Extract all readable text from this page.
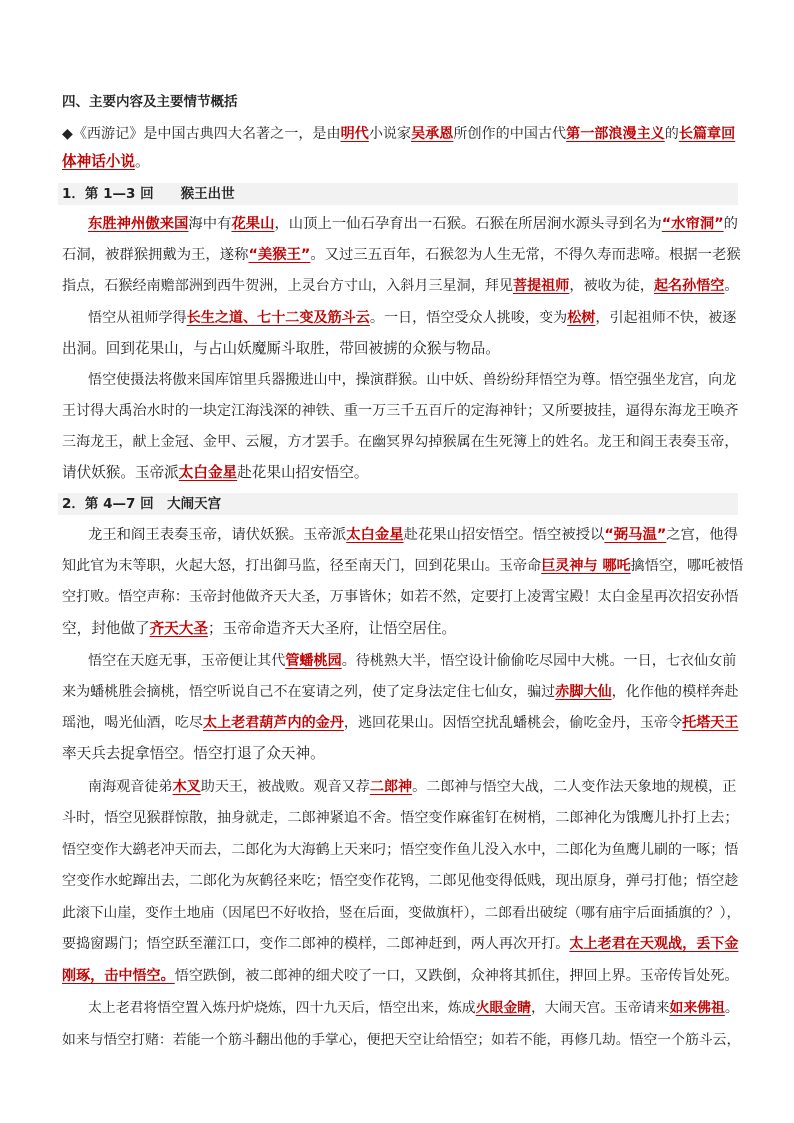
四、主要内容及主要情节概括
◆《西游记》是中国古典四大名著之一，是由明代小说家吴承恩所创作的中国古代第一部浪漫主义的长篇章回
体神话小说。
1．第 1—3 回　　猴王出世
东胜神州傲来国海中有花果山，山顶上一仙石孕育出一石猴。石猴在所居涧水源头寻到名为“水帘洞”的
石洞，被群猴拥戴为王，遂称“美猴王”。又过三五百年，石猴忽为人生无常，不得久寿而悲啼。根据一老猴
指点，石猴经南赡部洲到西牛贺洲，上灵台方寸山，入斜月三星洞，拜见菩提祖师，被收为徒，起名孙悟空。
悟空从祖师学得长生之道、七十二变及筋斗云。一日，悟空受众人挑唆，变为松树，引起祖师不快，被逐
出洞。回到花果山，与占山妖魔厮斗取胜，带回被掳的众猴与物品。
悟空使摄法将傲来国库馆里兵器搬进山中，操演群猴。山中妖、兽纷纷拜悟空为尊。悟空强坐龙宫，向龙
王讨得大禹治水时的一块定江海浅深的神铁、重一万三千五百斤的定海神针；又所要披挂，逼得东海龙王唤齐
三海龙王，献上金冠、金甲、云履，方才罢手。在幽冥界勾掉猴属在生死簿上的姓名。龙王和阎王表奏玉帝，
请伏妖猴。玉帝派太白金星赴花果山招安悟空。
2．第 4—7 回　大闹天宫
龙王和阎王表奏玉帝，请伏妖猴。玉帝派太白金星赴花果山招安悟空。悟空被授以“弼马温”之宫，他得
知此官为末等职，火起大怒，打出御马监，径至南天门，回到花果山。玉帝命巨灵神与 哪吒擒悟空，哪吒被悟
空打败。悟空声称：玉帝封他做齐天大圣，万事皆休；如若不然，定要打上凌霄宝殿！太白金星再次招安孙悟
空，封他做了齐天大圣；玉帝命造齐天大圣府，让悟空居住。
悟空在天庭无事，玉帝便让其代管蟠桃园。待桃熟大半，悟空设计偷偷吃尽园中大桃。一日，七衣仙女前
来为蟠桃胜会摘桃，悟空听说自己不在宴请之列，使了定身法定住七仙女，骗过赤脚大仙，化作他的模样奔赴
瑶池，喝光仙酒，吃尽太上老君葫芦内的金丹，逃回花果山。因悟空扰乱蟠桃会，偷吃金丹，玉帝令托塔天王
率天兵去捉拿悟空。悟空打退了众天神。
南海观音徒弟木叉助天王，被战败。观音又荐二郎神。二郎神与悟空大战，二人变作法天象地的规模，正
斗时，悟空见猴群惊散，抽身就走，二郎神紧追不舍。悟空变作麻雀钉在树梢，二郎神化为饿鹰儿扑打上去；
悟空变作大鹚老冲天而去，二郎化为大海鹤上天来叼；悟空变作鱼儿没入水中，二郎化为鱼鹰儿刷的一啄；悟
空变作水蛇蹿出去，二郎化为灰鹤径来吃；悟空变作花鸨，二郎见他变得低贱，现出原身，弹弓打他；悟空趁
此滚下山崖，变作土地庙（因尾巴不好收拾，竖在后面，变做旗杆），二郎看出破绽（哪有庙宇后面插旗的？），
要捣窗踢门；悟空跃至灌江口，变作二郎神的模样，二郎神赶到，两人再次开打。太上老君在天观战，丢下金
刚琢，击中悟空。悟空跌倒，被二郎神的细犬咬了一口，又跌倒，众神将其抓住，押回上界。玉帝传旨处死。
太上老君将悟空置入炼丹炉烧炼，四十九天后，悟空出来，炼成火眼金睛，大闹天宫。玉帝请来如来佛祖。
如来与悟空打赌：若能一个筋斗翻出他的手掌心，便把天空让给悟空；如若不能，再修几劫。悟空一个筋斗云，
